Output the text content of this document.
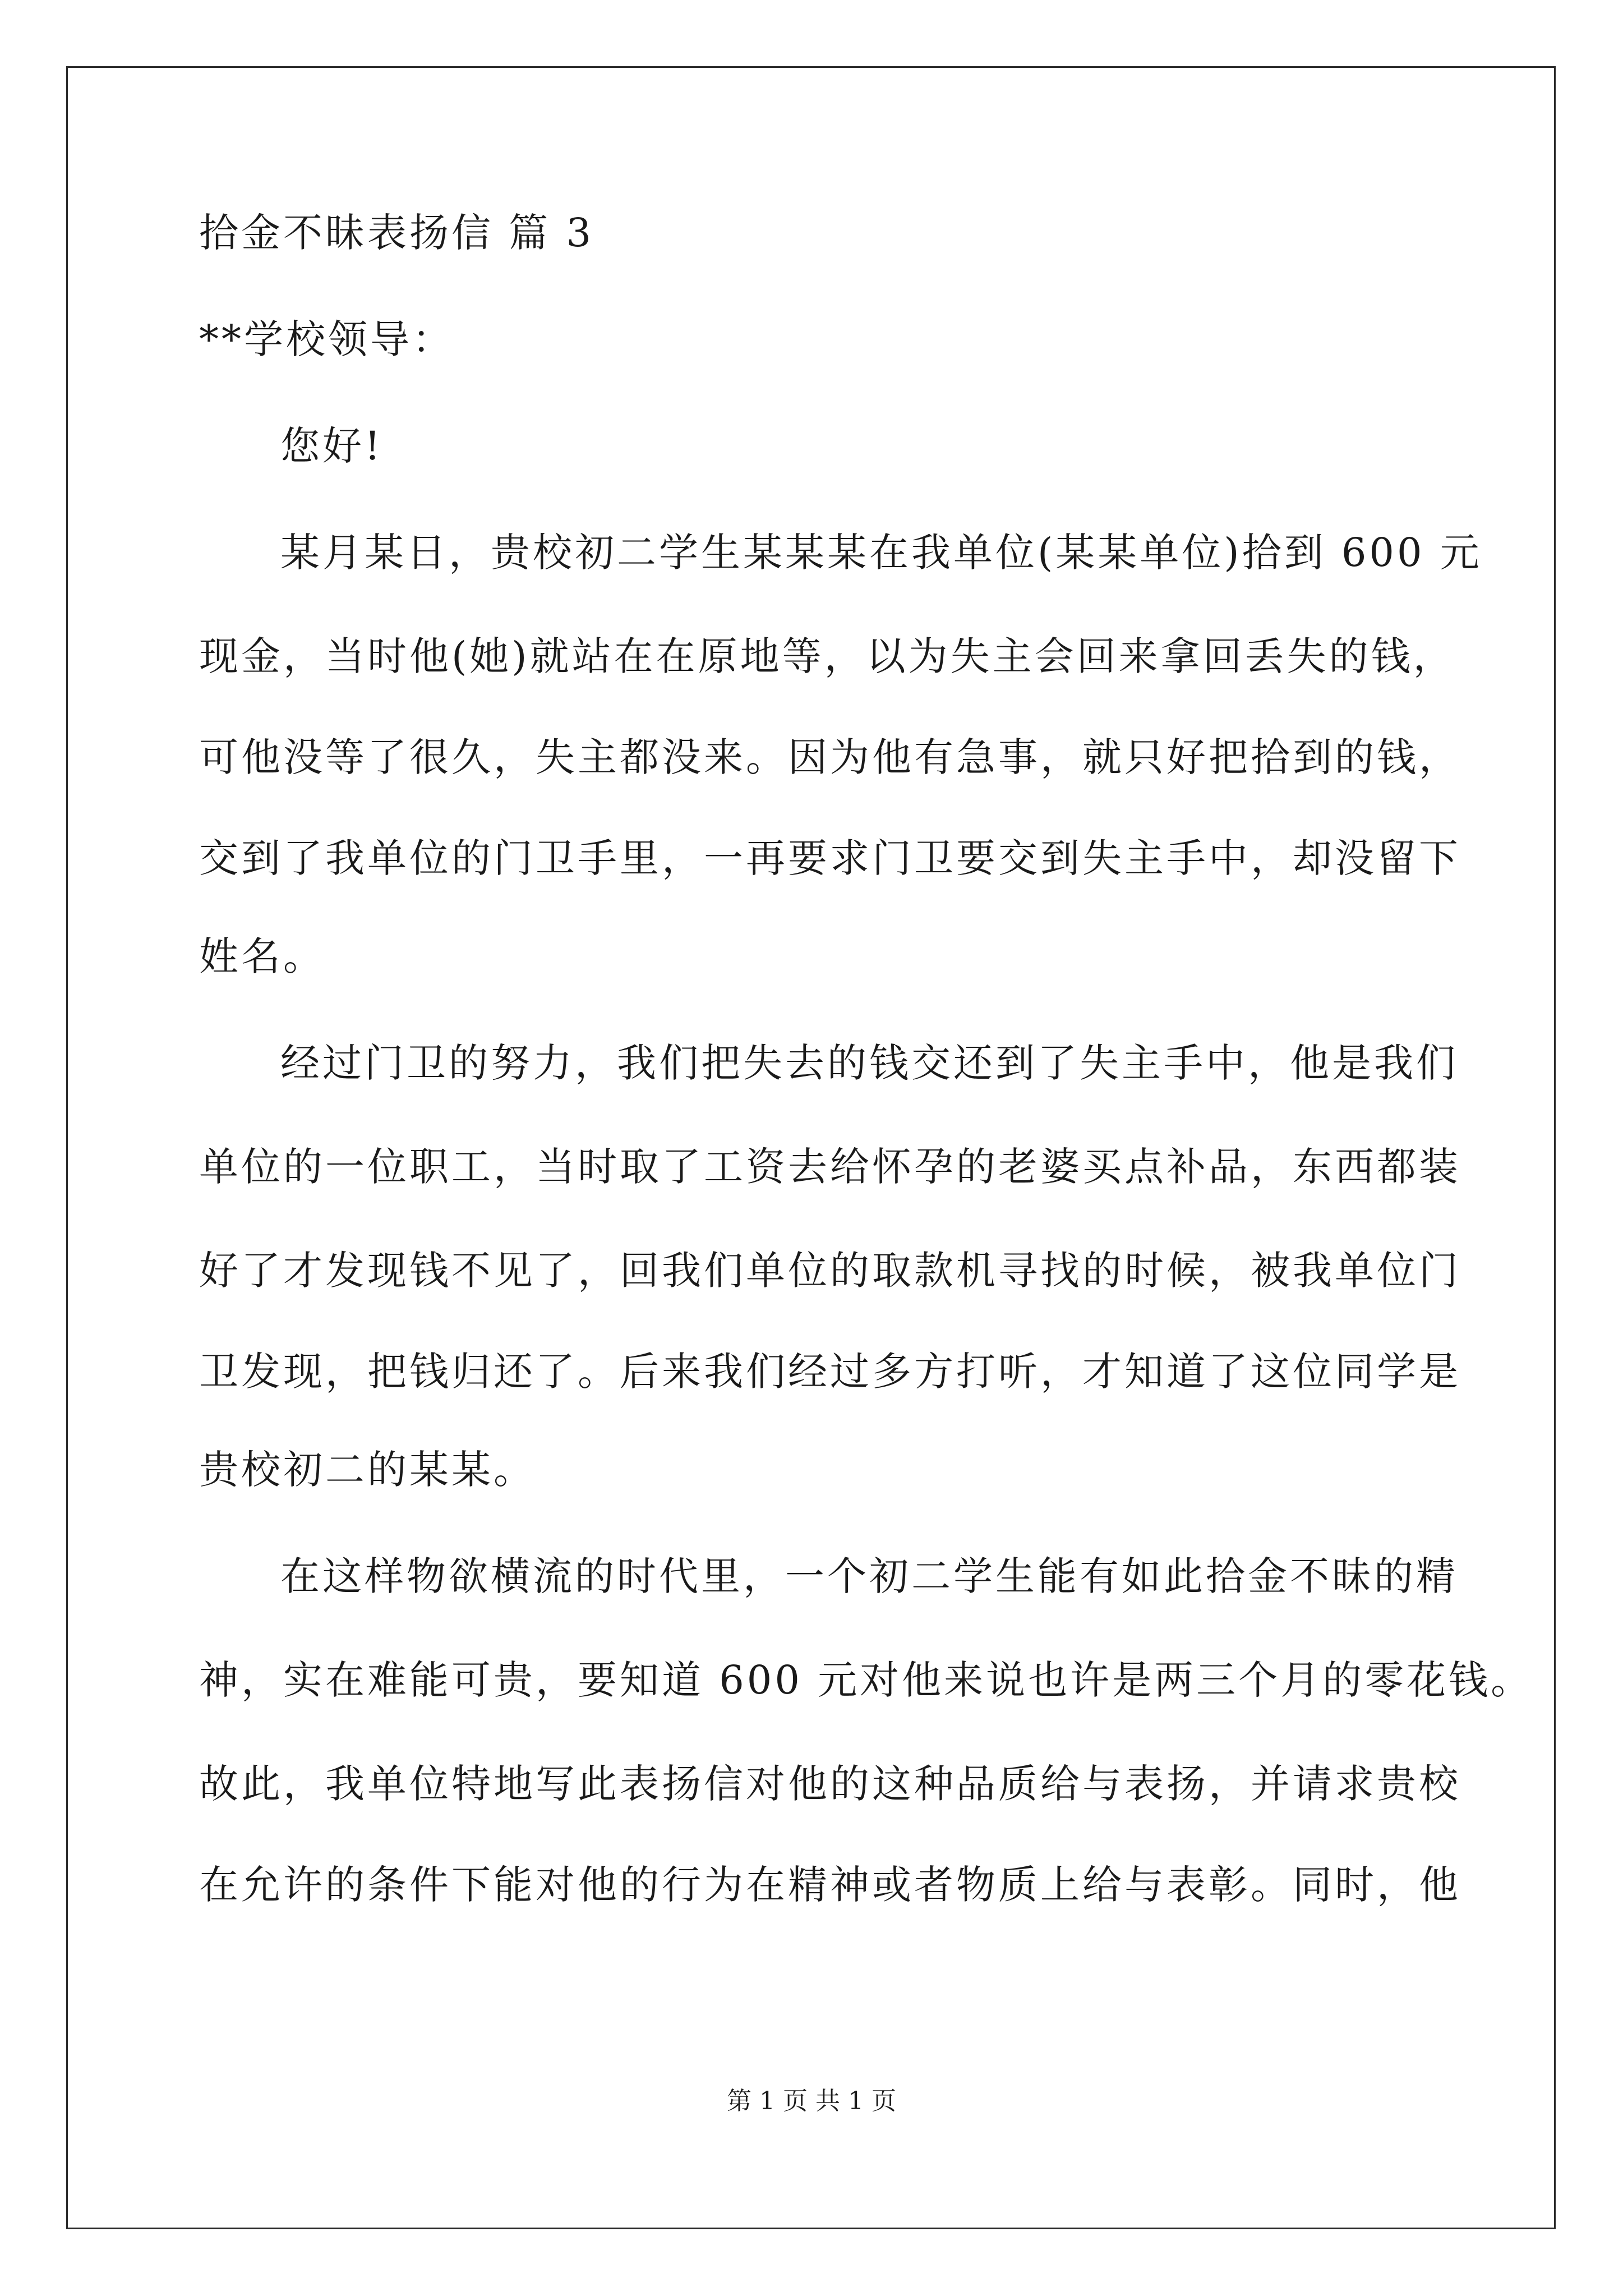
拾金不昧表扬信 篇 3
**学校领导：
您好!
某月某日，贵校初二学生某某某在我单位(某某单位)拾到 600 元
现金，当时他(她)就站在在原地等，以为失主会回来拿回丢失的钱，
可他没等了很久，失主都没来。因为他有急事，就只好把拾到的钱，
交到了我单位的门卫手里，一再要求门卫要交到失主手中，却没留下
姓名。
经过门卫的努力，我们把失去的钱交还到了失主手中，他是我们
单位的一位职工，当时取了工资去给怀孕的老婆买点补品，东西都装
好了才发现钱不见了，回我们单位的取款机寻找的时候，被我单位门
卫发现，把钱归还了。后来我们经过多方打听，才知道了这位同学是
贵校初二的某某。
在这样物欲横流的时代里，一个初二学生能有如此拾金不昧的精
神，实在难能可贵，要知道 600 元对他来说也许是两三个月的零花钱。
故此，我单位特地写此表扬信对他的这种品质给与表扬，并请求贵校
在允许的条件下能对他的行为在精神或者物质上给与表彰。同时，他
第 1 页 共 1 页
